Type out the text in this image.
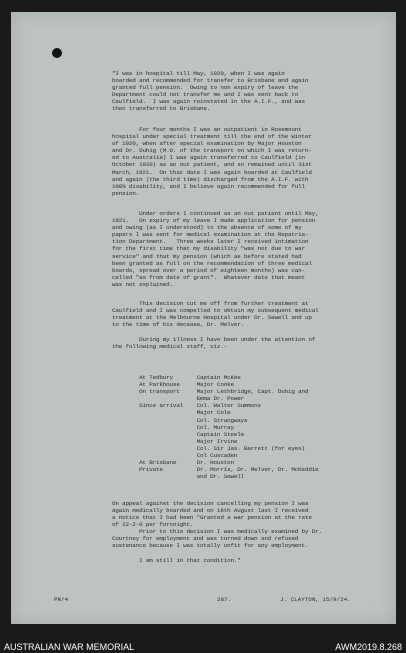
"I was in hospital till May, 1920, when I was again
boarded and recommended for transfer to Brisbane and again
granted full pension.  Owing to non expiry of leave the
Department could not transfer me and I was sent back to
Caulfield.  I was again reinstated in the A.I.F., and was
then transferred to Brisbane.
For four months I was an outpatient in Rosemount
hospital under special treatment till the end of the Winter
of 1920, when after special examination by Major Houston
and Dr. Duhig (M.O. of the transport on which I was return-
ed to Australia) I was again transferred to Caulfield (in
October 1920) as an out patient, and so remained until 31st
March, 1921.  On that date I was again boarded at Caulfield
and again (the third time) discharged from the A.I.F. with
100% disability, and I believe again recommended for full
pension.
Under orders I continued as an out patient until May,
1921.   On expiry of my leave I made application for pension
and owing (as I understood) to the absence of some of my
papers I was sent for medical examination at the Repatria-
tion Department.   Three weeks later I received intimation
for the first time that my disability "was not due to war
service" and that my pension (which as before stated had
been granted as full on the recommendation of three medical
boards, spread over a period of eighteen months) was can-
celled "as from date of grant".  Whatever date that meant
was not explained.
This decision cut me off from further treatment at
Caulfield and I was compelled to obtain my subsequent medical
treatment at the Melbourne Hospital under Dr. Sewell and up
to the time of his decease, Dr. Melver.
During my illness I have been under the attention of
the following medical staff, viz.-
At Tedbury       Captain McKee
At Parkhouse     Major Cooke
On transport     Major Lethbridge, Capt. Duhig and
Emma Dr. Power
Since arrival    Col. Walter Summons
Major Cole
Col. Strangways
Col. Murray
Captain Steele
Major Irvine
Col. Sir Jas. Barrett (for eyes)
Col Cuscaden
At Brisbane      Dr. Houston
Private          Dr. Morris, Dr. Melver, Dr. McKeddie
and Dr. Sewell
On appeal against the decision cancelling my pension I was
again medically boarded and on 18th August last I received
a notice that I had been "Granted a war pension at the rate
of 22-2-0 per fortnight.
Prior to this decision I was medically examined by Dr.
Courtney for employment and was turned down and refused
sustenance because I was totally unfit for any employment.
I am still in that condition."
PR/4	287.	J. CLAYTON, 15/9/24.
AUSTRALIAN WAR MEMORIAL	AWM2019.8.268
